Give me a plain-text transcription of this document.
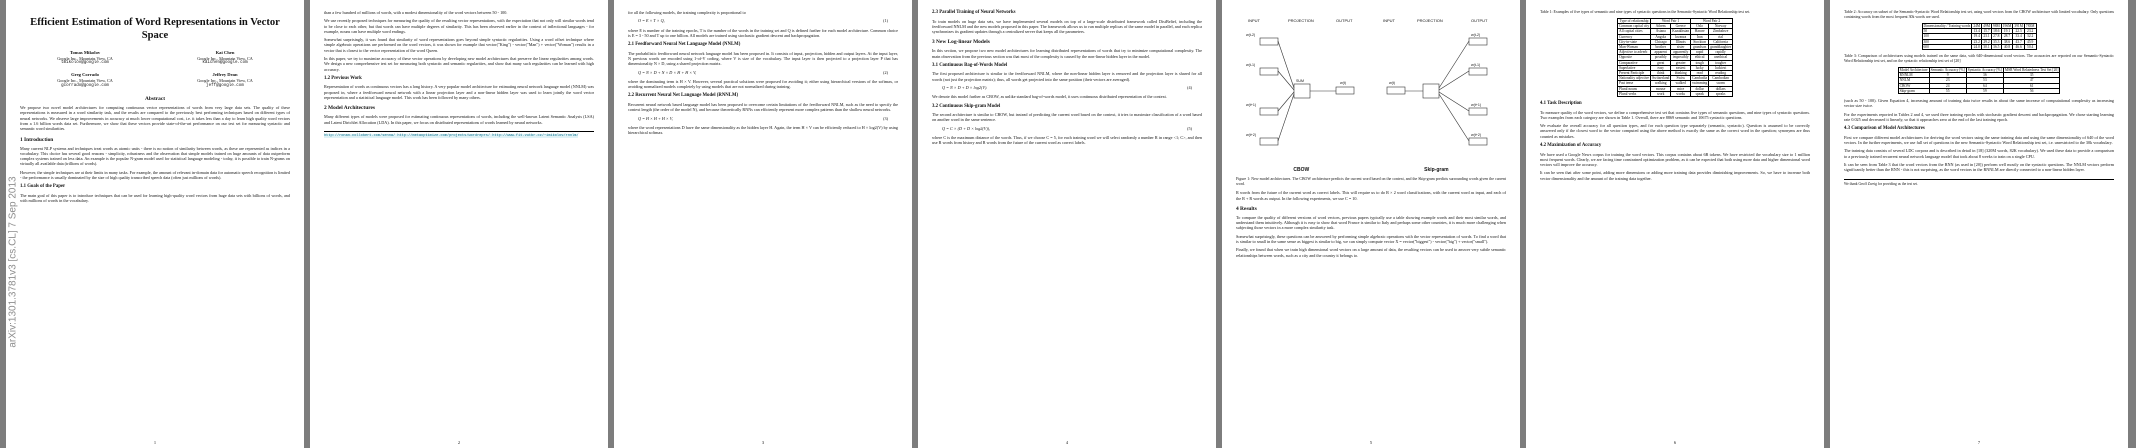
arXiv:1301.3781v3 [cs.CL] 7 Sep 2013
Efficient Estimation of Word Representations in Vector Space
Tomas Mikolov
Google Inc., Mountain View, CA
tmikolov@google.com
Kai Chen
Google Inc., Mountain View, CA
kaichen@google.com
Greg Corrado
Google Inc., Mountain View, CA
gcorrado@google.com
Jeffrey Dean
Google Inc., Mountain View, CA
jeff@google.com
Abstract

We propose two novel model architectures for computing continuous vector representations of words from very large data sets. The quality of these representations is measured in a word similarity task, and the results are compared to the previously best performing techniques based on different types of neural networks. We observe large improvements in accuracy at much lower computational cost, i.e. it takes less than a day to learn high quality word vectors from a 1.6 billion words data set. Furthermore, we show that these vectors provide state-of-the-art performance on our test set for measuring syntactic and semantic word similarities.

1 Introduction

Many current NLP systems and techniques treat words as atomic units - there is no notion of similarity between words, as these are represented as indices in a vocabulary. This choice has several good reasons - simplicity, robustness and the observation that simple models trained on huge amounts of data outperform complex systems trained on less data. An example is the popular N-gram model used for statistical language modeling - today, it is possible to train N-grams on virtually all available data (trillions of words).

However, the simple techniques are at their limits in many tasks. For example, the amount of relevant in-domain data for automatic speech recognition is limited - the performance is usually dominated by the size of high quality transcribed speech data (often just millions of words).

1.1 Goals of the Paper

The main goal of this paper is to introduce techniques that can be used for learning high-quality word vectors from huge data sets with billions of words, and with millions of words in the vocabulary.

1

than a few hundred of millions of words, with a modest dimensionality of the word vectors between 50 - 100.

We use recently proposed techniques for measuring the quality of the resulting vector representations, with the expectation that not only will similar words tend to be close to each other, but that words can have multiple degrees of similarity. This has been observed earlier in the context of inflectional languages - for example, nouns can have multiple word endings.

Somewhat surprisingly, it was found that similarity of word representations goes beyond simple syntactic regularities. Using a word offset technique where simple algebraic operations are performed on the word vectors, it was shown for example that vector("King") - vector("Man") + vector("Woman") results in a vector that is closest to the vector representation of the word Queen.

In this paper, we try to maximize accuracy of these vector operations by developing new model architectures that preserve the linear regularities among words. We design a new comprehensive test set for measuring both syntactic and semantic regularities, and show that many such regularities can be learned with high accuracy.

1.2 Previous Work

Representation of words as continuous vectors has a long history. A very popular model architecture for estimating neural network language model (NNLM) was proposed in, where a feedforward neural network with a linear projection layer and a non-linear hidden layer was used to learn jointly the word vector representation and a statistical language model. This work has been followed by many others.

2 Model Architectures

Many different types of models were proposed for estimating continuous representations of words, including the well-known Latent Semantic Analysis (LSA) and Latent Dirichlet Allocation (LDA). In this paper, we focus on distributed representations of words learned by neural networks.

http://ronan.collobert.com/senna/ http://metaoptimize.com/projects/wordreprs/ http://www.fit.vutbr.cz/~imikolov/rnnlm/
2

for all the following models, the training complexity is proportional to

O = E × T × Q,	(1)

where E is number of the training epochs, T is the number of the words in the training set and Q is defined further for each model architecture. Common choice is E = 3 - 50 and T up to one billion. All models are trained using stochastic gradient descent and backpropagation.

2.1 Feedforward Neural Net Language Model (NNLM)

The probabilistic feedforward neural network language model has been proposed in. It consists of input, projection, hidden and output layers. At the input layer, N previous words are encoded using 1-of-V coding, where V is size of the vocabulary. The input layer is then projected to a projection layer P that has dimensionality N × D, using a shared projection matrix.

Q = N × D + N × D × H + H × V,	(2)

where the dominating term is H × V. However, several practical solutions were proposed for avoiding it; either using hierarchical versions of the softmax, or avoiding normalized models completely by using models that are not normalized during training.

2.2 Recurrent Neural Net Language Model (RNNLM)

Recurrent neural network based language model has been proposed to overcome certain limitations of the feedforward NNLM, such as the need to specify the context length (the order of the model N), and because theoretically RNNs can efficiently represent more complex patterns than the shallow neural networks.

Q = H × H + H × V,	(3)

where the word representations D have the same dimensionality as the hidden layer H. Again, the term H × V can be efficiently reduced to H × log2(V) by using hierarchical softmax.

3
2.3 Parallel Training of Neural Networks

To train models on huge data sets, we have implemented several models on top of a large-scale distributed framework called DistBelief, including the feedforward NNLM and the new models proposed in this paper. The framework allows us to run multiple replicas of the same model in parallel, and each replica synchronizes its gradient updates through a centralized server that keeps all the parameters.

3 New Log-linear Models

In this section, we propose two new model architectures for learning distributed representations of words that try to minimize computational complexity. The main observation from the previous section was that most of the complexity is caused by the non-linear hidden layer in the model.

3.1 Continuous Bag-of-Words Model

The first proposed architecture is similar to the feedforward NNLM, where the non-linear hidden layer is removed and the projection layer is shared for all words (not just the projection matrix); thus, all words get projected into the same position (their vectors are averaged).

Q = N × D + D × log2(V).	(4)

We denote this model further as CBOW, as unlike standard bag-of-words model, it uses continuous distributed representation of the context.

3.2 Continuous Skip-gram Model

The second architecture is similar to CBOW, but instead of predicting the current word based on the context, it tries to maximize classification of a word based on another word in the same sentence.

Q = C × (D + D × log2(V)),	(5)

where C is the maximum distance of the words. Thus, if we choose C = 5, for each training word we will select randomly a number R in range <1; C>, and then use R words from history and R words from the future of the current word as correct labels.

4
INPUT	PROJECTION	OUTPUT
w(t-2)
w(t-1)
w(t+1)
w(t+2)
SUM	w(t)
INPUT	PROJECTION	OUTPUT
w(t)
w(t-2)
w(t-1)
w(t+1)
w(t+2)
CBOW	Skip-gram

Figure 1: New model architectures. The CBOW architecture predicts the current word based on the context, and the Skip-gram predicts surrounding words given the current word.

R words from the future of the current word as correct labels. This will require us to do R × 2 word classifications, with the current word as input, and each of the R + R words as output. In the following experiments, we use C = 10.

4 Results

To compare the quality of different versions of word vectors, previous papers typically use a table showing example words and their most similar words, and understand them intuitively. Although it is easy to show that word France is similar to Italy and perhaps some other countries, it is much more challenging when subjecting those vectors in a more complex similarity task.

Somewhat surprisingly, these questions can be answered by performing simple algebraic operations with the vector representation of words. To find a word that is similar to small in the same sense as biggest is similar to big, we can simply compute vector X = vector("biggest") - vector("big") + vector("small").

Finally, we found that when we train high dimensional word vectors on a large amount of data, the resulting vectors can be used to answer very subtle semantic relationships between words, such as a city and the country it belongs to.

5

Table 1: Examples of five types of semantic and nine types of syntactic questions in the Semantic-Syntactic Word Relationship test set.

Type of relationship	Word Pair 1		Word Pair 2	
Common capital city	Athens	Greece	Oslo	Norway
All capital cities	Astana	Kazakhstan	Harare	Zimbabwe
Currency	Angola	kwanza	Iran	rial
City-in-state	Chicago	Illinois	Stockton	California
Man-Woman	brother	sister	grandson	granddaughter
Adjective to adverb	apparent	apparently	rapid	rapidly
Opposite	possibly	impossibly	ethical	unethical
Comparative	great	greater	tough	tougher
Superlative	easy	easiest	lucky	luckiest
Present Participle	think	thinking	read	reading
Nationality adjective	Switzerland	Swiss	Cambodia	Cambodian
Past tense	walking	walked	swimming	swam
Plural nouns	mouse	mice	dollar	dollars
Plural verbs	work	works	speak	speaks
4.1 Task Description

To measure quality of the word vectors, we define a comprehensive test set that contains five types of semantic questions, and nine types of syntactic questions. Two examples from each category are shown in Table 1. Overall, there are 8869 semantic and 10675 syntactic questions.

We evaluate the overall accuracy for all question types, and for each question type separately (semantic, syntactic). Question is assumed to be correctly answered only if the closest word to the vector computed using the above method is exactly the same as the correct word in the question; synonyms are thus counted as mistakes.

4.2 Maximization of Accuracy

We have used a Google News corpus for training the word vectors. This corpus contains about 6B tokens. We have restricted the vocabulary size to 1 million most frequent words. Clearly, we are facing time constrained optimization problem, as it can be expected that both using more data and higher dimensional word vectors will improve the accuracy.

It can be seen that after some point, adding more dimensions or adding more training data provides diminishing improvements. So, we have to increase both vector dimensionality and the amount of the training data together.

6

Table 2: Accuracy on subset of the Semantic-Syntactic Word Relationship test set, using word vectors from the CBOW architecture with limited vocabulary. Only questions containing words from the most frequent 30k words are used.

Dimensionality / Training words	24M	49M	98M	196M	391M	783M
50	13.4	15.7	18.6	19.1	22.5	23.2
100	19.4	23.1	27.8	28.7	33.4	32.2
300	23.2	29.2	35.3	38.6	43.7	45.9
600	24.0	30.1	36.5	40.8	46.6	50.4

Table 3: Comparison of architectures using models trained on the same data, with 640-dimensional word vectors. The accuracies are reported on our Semantic-Syntactic Word Relationship test set, and on the syntactic relationship test set of [20]

Model Architecture	Semantic Accuracy [%]	Syntactic Accuracy [%]	MSR Word Relatedness Test Set [20]
RNNLM	9	36	35
NNLM	23	53	47
CBOW	24	64	61
Skip-gram	55	59	56

(such as 50 - 100). Given Equation 4, increasing amount of training data twice results in about the same increase of computational complexity as increasing vector size twice.

For the experiments reported in Tables 2 and 4, we used three training epochs with stochastic gradient descent and backpropagation. We chose starting learning rate 0.025 and decreased it linearly, so that it approaches zero at the end of the last training epoch.

4.3 Comparison of Model Architectures

First we compare different model architectures for deriving the word vectors using the same training data and using the same dimensionality of 640 of the word vectors. In the further experiments, we use full set of questions in the new Semantic-Syntactic Word Relationship test set, i.e. unrestricted to the 30k vocabulary.

The training data consists of several LDC corpora and is described in detail in [18] (320M words, 82K vocabulary). We used these data to provide a comparison to a previously trained recurrent neural network language model that took about 8 weeks to train on a single CPU.

It can be seen from Table 3 that the word vectors from the RNN (as used in [20]) perform well mostly on the syntactic questions. The NNLM vectors perform significantly better than the RNN - this is not surprising, as the word vectors in the RNNLM are directly connected to a non-linear hidden layer.

We thank Geoff Zweig for providing us the test set.
7
